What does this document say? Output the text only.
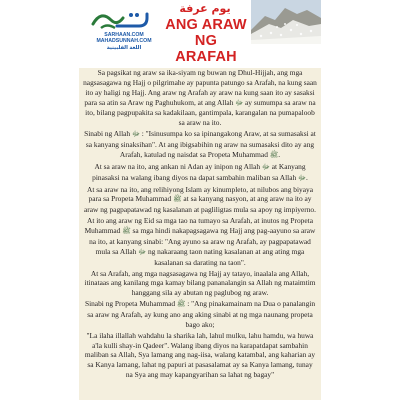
SARHAAN.COM
MAHADSUNNAH.COM
اللغة الفلبينية
يوم عرفة
ANG ARAW
NG ARAFAH

Sa pagsikat ng araw sa ika-siyam ng buwan ng Dhul-Hijjah, ang mga nagsasagawa ng Hajj o pilgrimahe ay papunta patungo sa Arafah, na kung saan ito ay haligi ng Hajj. Ang araw ng Arafah ay araw na kung saan ito ay sasaksi para sa atin sa Araw ng Paghuhukom, at ang Allah ﷻ ay sumumpa sa araw na ito, bilang pagpupakita sa kadakilaan, gantimpala, karangalan na pumapaloob sa araw na ito.

Sinabi ng Allah ﷻ : "Isinusumpa ko sa ipinangakong Araw, at sa sumasaksi at sa kanyang sinaksihan". At ang ibigsabihin ng araw na sumasaksi dito ay ang Arafah, katulad ng naisdat sa Propeta Muhammad ﷺ.

At sa araw na ito, ang ankan ni Adan ay inipon ng Allah ﷻ at Kanyang pinasaksi na walang ibang diyos na dapat sambahin maliban sa Allah ﷻ.

At sa araw na ito, ang relihiyong Islam ay kinumpleto, at nilubos ang biyaya para sa Propeta Muhammad ﷺ at sa kanyang nasyon, at ang araw na ito ay araw ng pagpapatawad ng kasalanan at pagliligtas mula sa apoy ng impiyerno.

At ito ang araw ng Eid sa mga tao na tumayo sa Arafah, at inutos ng Propeta Muhammad ﷺ sa mga hindi nakapagsagawa ng Hajj ang pag-aayuno sa araw na ito, at kanyang sinabi: "Ang ayuno sa araw ng Arafah, ay pagpapatawad mula sa Allah ﷻ ng nakaraang taon nating kasalanan at ang ating mga kasalanan sa darating na taon".

At sa Arafah, ang mga nagsasagawa ng Hajj ay tatayo, inaalala ang Allah, itinataas ang kanilang mga kamay bilang pananalangin sa Allah ng mataimtim hanggang sila ay abutan ng paglubog ng araw.

Sinabi ng Propeta Muhammad ﷺ : "Ang pinakamainam na Dua o panalangin sa araw ng Arafah, ay kung ano ang aking sinabi at ng mga naunang propeta bago ako;

"La ilaha illallah wahdahu la sharika lah, lahul mulku, lahu hamdu, wa huwa a'la kulli shay-in Qadeer". Walang ibang diyos na karapatdapat sambahin maliban sa Allah, Sya lamang ang nag-iisa, walang katambal, ang kaharian ay sa Kanya lamang, lahat ng papuri at pasasalamat ay sa Kanya lamang, tunay na Sya ang may kapangyarihan sa lahat ng bagay"
